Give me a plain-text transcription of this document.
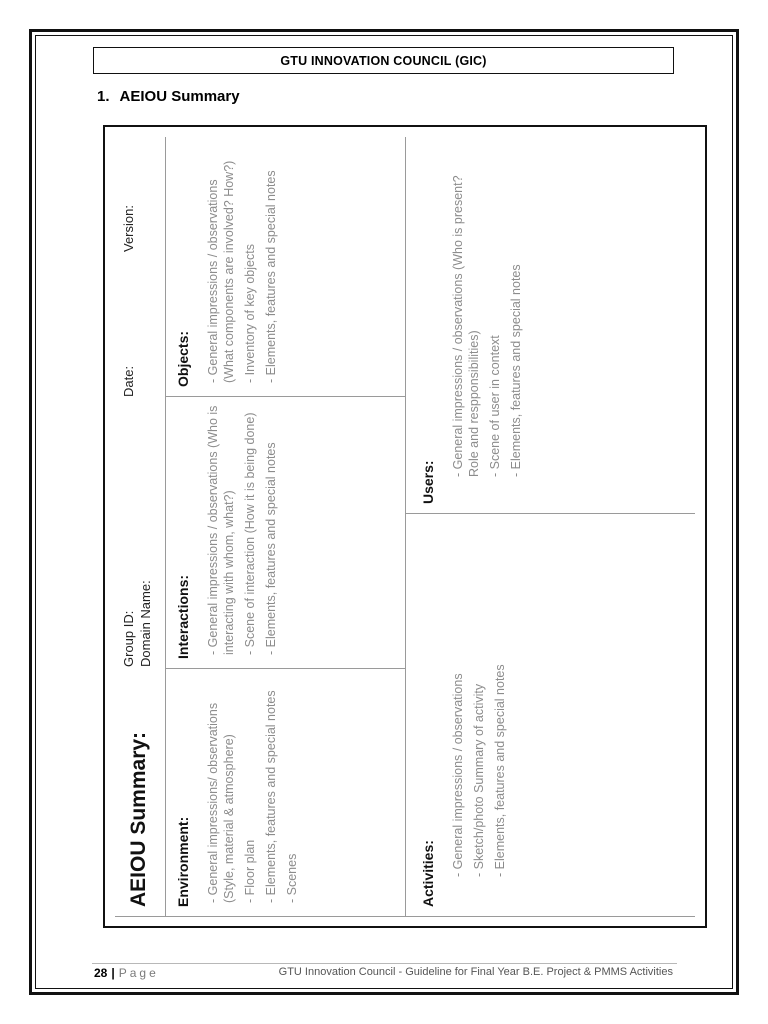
GTU INNOVATION COUNCIL (GIC)
1. AEIOU Summary
AEIOU Summary:
Group ID: Domain Name:
Date:
Version:
Environment: - General impressions/ observations (Style, material & atmosphere) - Floor plan - Elements, features and special notes - Scenes
Interactions: - General impressions / observations (Who is interacting with whom, what?) - Scene of interaction (How it is being done) - Elements, features and special notes
Objects: - General impressions / observations (What components are involved? How?) - Inventory of key objects - Elements, features and special notes
Activities:
- General impressions / observations - Sketch/photo Summary of activity - Elements, features and special notes
Users:
- General impressions / observations (Who is present? Role and respponsibilities) - Scene of user in context - Elements, features and special notes
28 | Page	GTU Innovation Council - Guideline for Final Year B.E. Project & PMMS Activities
